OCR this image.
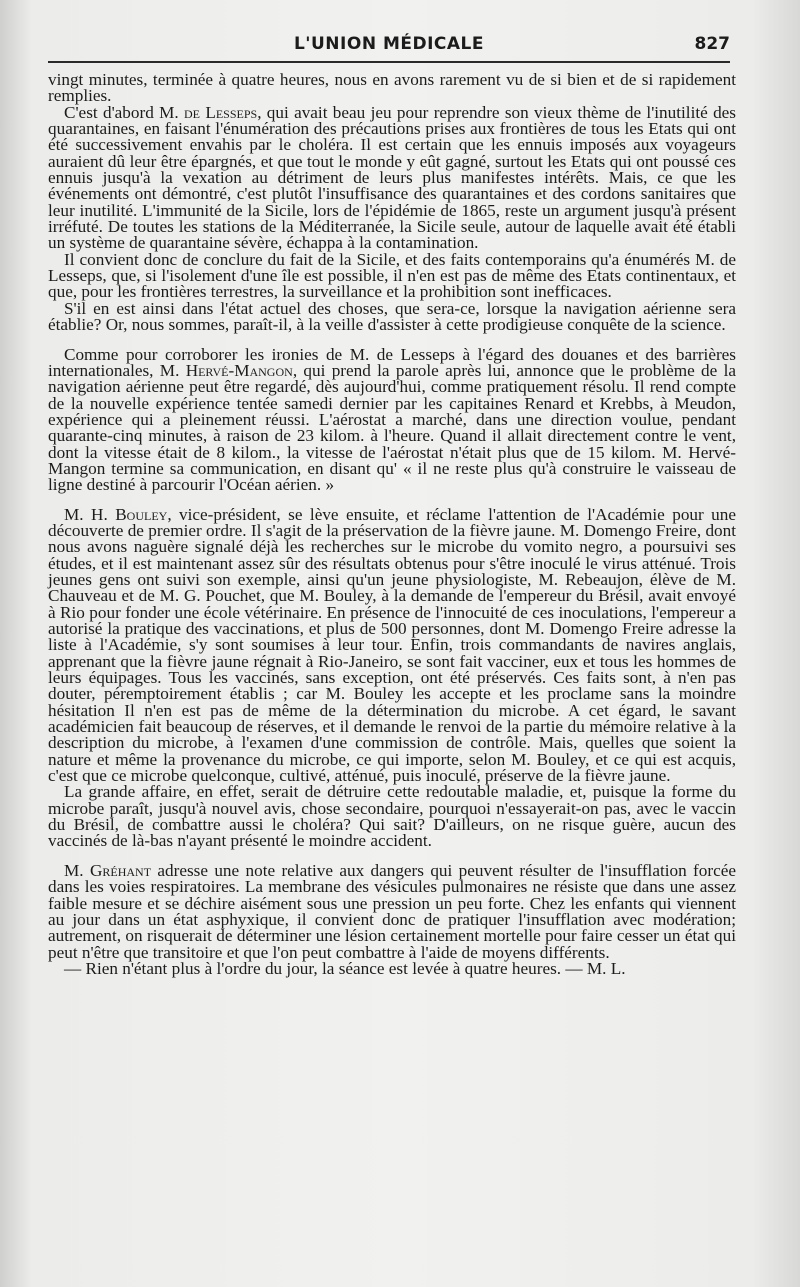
L'UNION MÉDICALE	827

vingt minutes, terminée à quatre heures, nous en avons rarement vu de si bien et de si rapidement remplies.

C'est d'abord M. de Lesseps, qui avait beau jeu pour reprendre son vieux thème de l'inutilité des quarantaines, en faisant l'énumération des précautions prises aux frontières de tous les Etats qui ont été successivement envahis par le choléra. Il est certain que les ennuis imposés aux voyageurs auraient dû leur être épargnés, et que tout le monde y eût gagné, surtout les Etats qui ont poussé ces ennuis jusqu'à la vexation au détriment de leurs plus manifestes intérêts. Mais, ce que les événements ont démontré, c'est plutôt l'insuffisance des quarantaines et des cordons sanitaires que leur inutilité. L'immunité de la Sicile, lors de l'épidémie de 1865, reste un argument jusqu'à présent irréfuté. De toutes les stations de la Méditerranée, la Sicile seule, autour de laquelle avait été établi un système de quarantaine sévère, échappa à la contamination.

Il convient donc de conclure du fait de la Sicile, et des faits contemporains qu'a énumérés M. de Lesseps, que, si l'isolement d'une île est possible, il n'en est pas de même des Etats continentaux, et que, pour les frontières terrestres, la surveillance et la prohibition sont inefficaces.

S'il en est ainsi dans l'état actuel des choses, que sera-ce, lorsque la navigation aérienne sera établie? Or, nous sommes, paraît-il, à la veille d'assister à cette prodigieuse conquête de la science.

Comme pour corroborer les ironies de M. de Lesseps à l'égard des douanes et des barrières internationales, M. Hervé-Mangon, qui prend la parole après lui, annonce que le problème de la navigation aérienne peut être regardé, dès aujourd'hui, comme pratiquement résolu. Il rend compte de la nouvelle expérience tentée samedi dernier par les capitaines Renard et Krebbs, à Meudon, expérience qui a pleinement réussi. L'aérostat a marché, dans une direction voulue, pendant quarante-cinq minutes, à raison de 23 kilom. à l'heure. Quand il allait directement contre le vent, dont la vitesse était de 8 kilom., la vitesse de l'aérostat n'était plus que de 15 kilom. M. Hervé-Mangon termine sa communication, en disant qu' « il ne reste plus qu'à construire le vaisseau de ligne destiné à parcourir l'Océan aérien. »

M. H. Bouley, vice-président, se lève ensuite, et réclame l'attention de l'Académie pour une découverte de premier ordre. Il s'agit de la préservation de la fièvre jaune. M. Domengo Freire, dont nous avons naguère signalé déjà les recherches sur le microbe du vomito negro, a poursuivi ses études, et il est maintenant assez sûr des résultats obtenus pour s'être inoculé le virus atténué. Trois jeunes gens ont suivi son exemple, ainsi qu'un jeune physiologiste, M. Rebeaujon, élève de M. Chauveau et de M. G. Pouchet, que M. Bouley, à la demande de l'empereur du Brésil, avait envoyé à Rio pour fonder une école vétérinaire. En présence de l'innocuité de ces inoculations, l'empereur a autorisé la pratique des vaccinations, et plus de 500 personnes, dont M. Domengo Freire adresse la liste à l'Académie, s'y sont soumises à leur tour. Enfin, trois commandants de navires anglais, apprenant que la fièvre jaune régnait à Rio-Janeiro, se sont fait vacciner, eux et tous les hommes de leurs équipages. Tous les vaccinés, sans exception, ont été préservés. Ces faits sont, à n'en pas douter, péremptoirement établis ; car M. Bouley les accepte et les proclame sans la moindre hésitation Il n'en est pas de même de la détermination du microbe. A cet égard, le savant académicien fait beaucoup de réserves, et il demande le renvoi de la partie du mémoire relative à la description du microbe, à l'examen d'une commission de contrôle. Mais, quelles que soient la nature et même la provenance du microbe, ce qui importe, selon M. Bouley, et ce qui est acquis, c'est que ce microbe quelconque, cultivé, atténué, puis inoculé, préserve de la fièvre jaune.

La grande affaire, en effet, serait de détruire cette redoutable maladie, et, puisque la forme du microbe paraît, jusqu'à nouvel avis, chose secondaire, pourquoi n'essayerait-on pas, avec le vaccin du Brésil, de combattre aussi le choléra? Qui sait? D'ailleurs, on ne risque guère, aucun des vaccinés de là-bas n'ayant présenté le moindre accident.

M. Gréhant adresse une note relative aux dangers qui peuvent résulter de l'insufflation forcée dans les voies respiratoires. La membrane des vésicules pulmonaires ne résiste que dans une assez faible mesure et se déchire aisément sous une pression un peu forte. Chez les enfants qui viennent au jour dans un état asphyxique, il convient donc de pratiquer l'insufflation avec modération; autrement, on risquerait de déterminer une lésion certainement mortelle pour faire cesser un état qui peut n'être que transitoire et que l'on peut combattre à l'aide de moyens différents.

— Rien n'étant plus à l'ordre du jour, la séance est levée à quatre heures. — M. L.
